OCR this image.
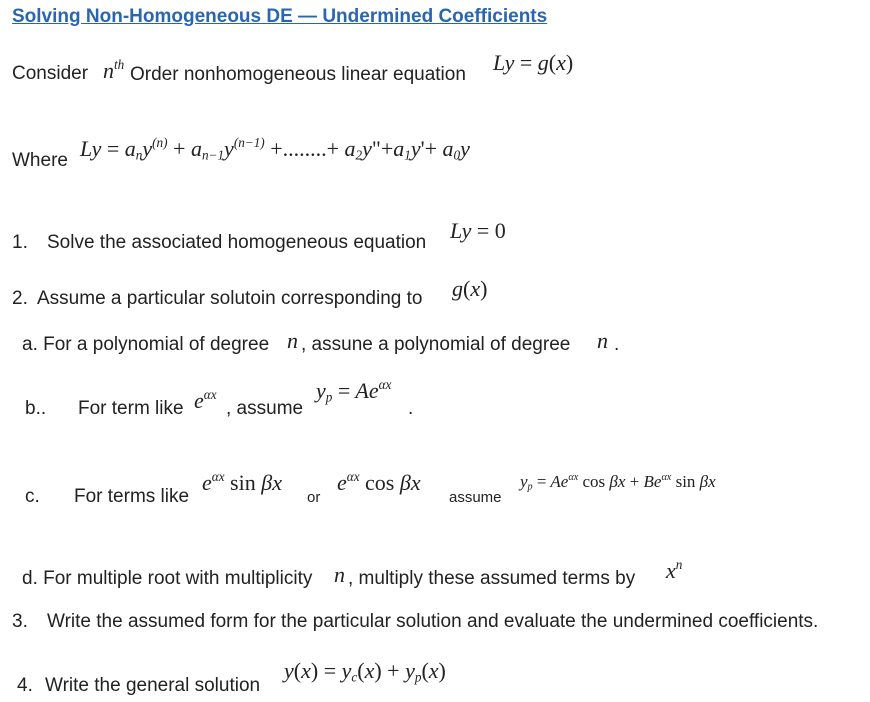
Solving Non-Homogeneous DE — Undermined Coefficients
Consider $n^{th}$ Order nonhomogeneous linear equation Ly = g(x)
Where $Ly = a_ny^{(n)} + a_{n-1}y^{(n-1)}$ +........+ $a_2y"+a_1y'+ a_0y$
1. Solve the associated homogeneous equation Ly = 0
2. Assume a particular solutoin corresponding to g(x)
a. For a polynomial of degree n , assune a polynomial of degree n .
b.. For term like $e^{\alpha x}$
, assume
$y_p = Ae^{\alpha x}$
.
c. For terms like
$e^{\alpha x}$ sin βx
or
$e^{\alpha x}$ cos βx
assume
$y_p = Ae^{\alpha x}$ $\cos \beta x + Be^{\alpha x}$ sin βx
d. For multiple root with multiplicity n , multiply these assumed terms by $x^n$
3. Write the assumed form for the particular solution and evaluate the undermined coefficients.
4. Write the general solution
$y(x) = y_c(x) + y_p(x)$
